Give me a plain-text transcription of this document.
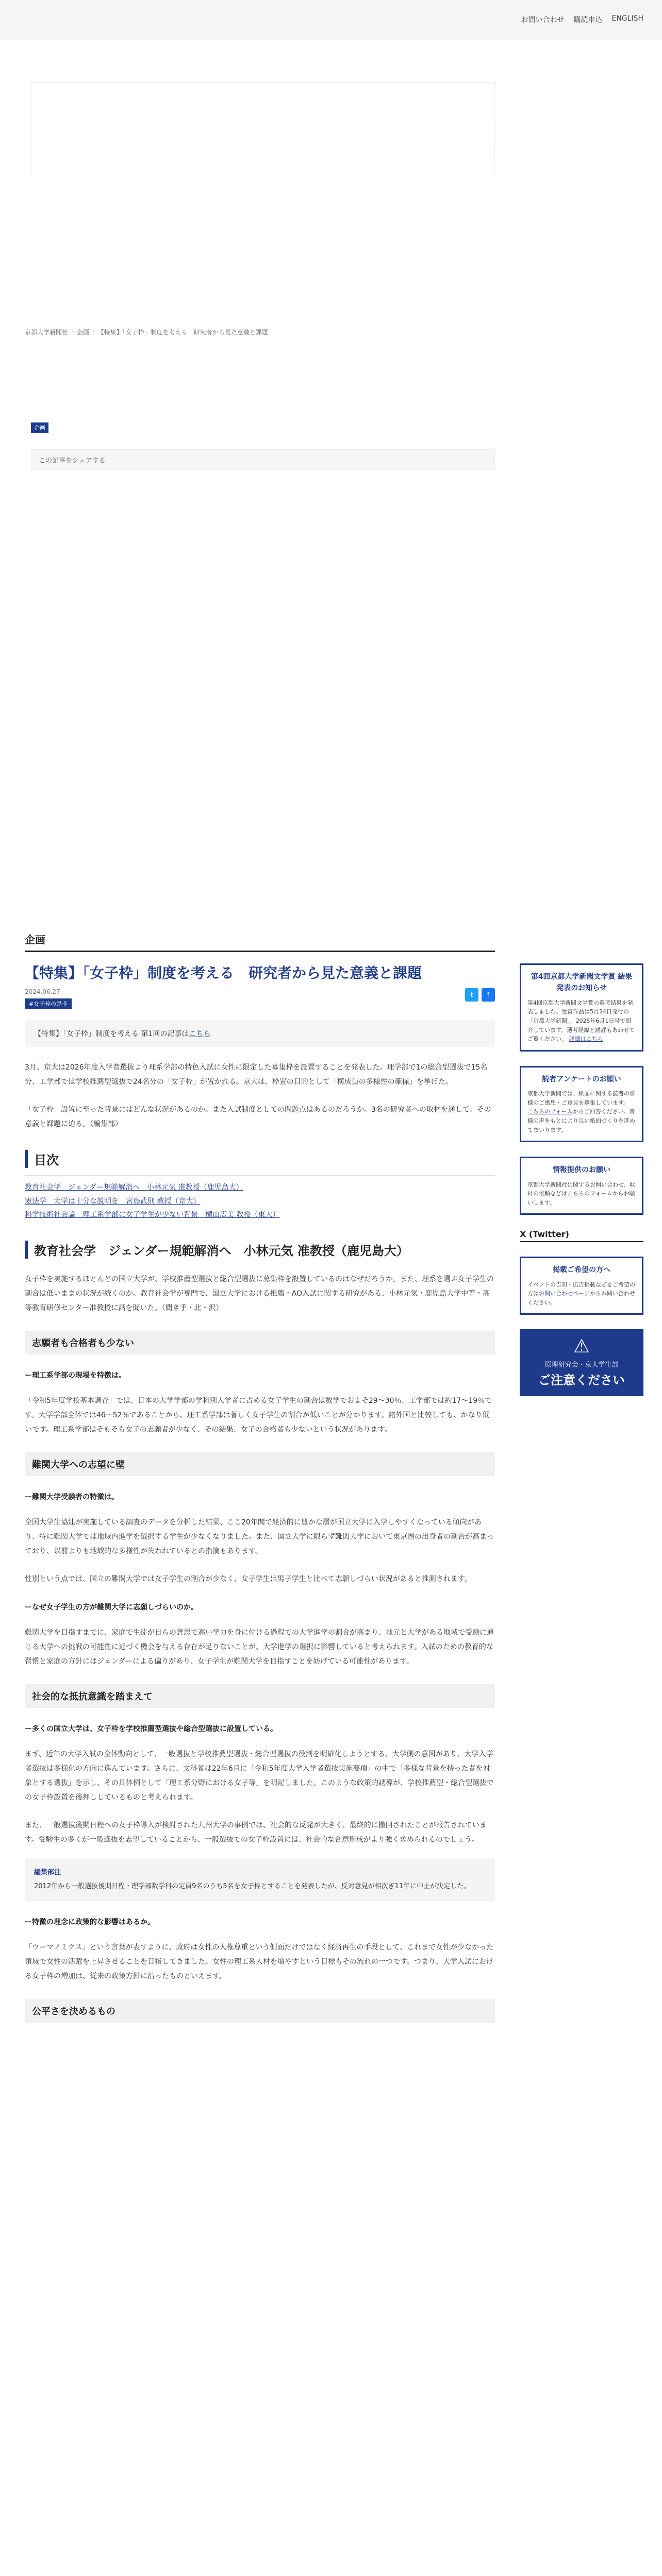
お問い合わせ 購読申込 ENGLISH
京都大学新聞社 › 企画 › 【特集】「女子枠」制度を考える　研究者から見た意義と課題
企画
この記事をシェアする
企画
【特集】「女子枠」制度を考える　研究者から見た意義と課題
2024.06.27
#女子枠の是非
t	f
【特集】「女子枠」制度を考える 第1回の記事はこちら

3月、京大は2026年度入学者選抜より理系学部の特色入試に女性に限定した募集枠を設置することを発表した。理学部で1の総合型選抜で15名分、工学部では学校推薦型選抜で24名分の「女子枠」が置かれる。京大は、枠置の目的として「構成員の多様性の確保」を挙げた。

「女子枠」設置に至った背景にはどんな状況があるのか。また入試制度としての問題点はあるのだろうか。3名の研究者への取材を通して、その意義と課題に迫る。（編集部）

目次
教育社会学　ジェンダー規範解消へ　小林元気 准教授（鹿児島大）
憲法学　大学は十分な説明を　宮島武則 教授（京大）
科学技術社会論　理工系学部に女子学生が少ない背景　横山広美 教授（東大）
教育社会学　ジェンダー規範解消へ　小林元気 准教授（鹿児島大）

女子枠を実施するほとんどの国立大学が、学校推薦型選抜と総合型選抜に募集枠を設置しているのはなぜだろうか。また、理系を選ぶ女子学生の割合は低いままの状況が続くのか。教育社会学が専門で、国立大学における推薦・AO入試に関する研究がある、小林元気・鹿児島大学中等・高等教育研修センター准教授に話を聞いた。（聞き手・北・沢）

志願者も合格者も少ない
ー理工系学部の現場を特徴は。

「令和5年度学校基本調査」では、日本の大学学部の学科別入学者に占める女子学生の割合は数学でおよそ29～30％、工学部では約17～19％です。大学学部全体では46～52％であることから、理工系学部は著しく女子学生の割合が低いことが分かります。諸外国と比較しても、かなり低いです。理工系学部はそもそも女子の志願者が少なく、その結果、女子の合格者も少ないという状況があります。

難関大学への志望に壁
ー難関大学受験者の特徴は。

全国大学生協連が実施している調査のデータを分析した結果、ここ20年間で経済的に豊かな層が国立大学に入学しやすくなっている傾向があり、特に難関大学では地域内進学を選択する学生が少なくなりました。また、国立大学に限らず難関大学において東京圏の出身者の割合が高まっており、以前よりも地域的な多様性が失われているとの指摘もあります。

性別という点では、国立の難関大学では女子学生の割合が少なく、女子学生は男子学生と比べて志願しづらい状況があると推測されます。

ーなぜ女子学生の方が難関大学に志願しづらいのか。

難関大学を目指すまでに、家庭で生徒が自らの意思で高い学力を身に付ける過程での大学進学の割合が高まり、地元と大学がある地域で受験に通じる大学への挑戦の可能性に近づく機会を与える存在が足りないことが、大学進学の選択に影響していると考えられます。入試のための教育的な習慣と家庭の方針にはジェンダーによる偏りがあり、女子学生が難関大学を目指すことを妨げている可能性があります。

社会的な抵抗意識を踏まえて
ー多くの国立大学は、女子枠を学校推薦型選抜や総合型選抜に設置している。

まず、近年の大学入試の全体動向として、一般選抜と学校推薦型選抜・総合型選抜の役割を明確化しようとする、大学側の意図があり、大学入学者選抜は多様化の方向に進んでいます。さらに、文科省は22年6月に「令和5年度大学入学者選抜実施要項」の中で「多様な背景を持った者を対象とする選抜」を示し、その具体例として「理工系分野における女子等」を明記しました。このような政策的誘導が、学校推薦型・総合型選抜での女子枠設置を後押ししているものと考えられます。

また、一般選抜後期日程への女子枠導入が検討された九州大学の事例では、社会的な反発が大きく、最終的に撤回されたことが報告されています。受験生の多くが一般選抜を志望していることから、一般選抜での女子枠設置には、社会的な合意形成がより強く求められるのでしょう。

編集部注
2012年から一般選抜後期日程・理学部数学科の定員9名のうち5名を女子枠とすることを発表したが、反対意見が相次ぎ11年に中止が決定した。
ー特徴の理念に政策的な影響はあるか。

「ウーマノミクス」という言葉が表すように、政府は女性の人権尊重という側面だけではなく経済再生の手段として、これまで女性が少なかった領域で女性の活躍を上昇させることを目指してきました。女性の理工系人材を増やすという目標もその流れの一つです。つまり、大学入試における女子枠の増加は、従来の政策方針に沿ったものといえます。

公平さを決めるもの
第4回京都大学新聞文学賞 結果発表のお知らせ
第4回京都大学新聞文学賞の選考結果を発表しました。受賞作品は5月24日発行の「京都大学新聞」、2025年6月1日号で紹介しています。選考経緯と講評もあわせてご覧ください。 詳細はこちら
読者アンケートのお願い
京都大学新聞では、紙面に関する読者の皆様のご感想・ご意見を募集しています。 こちらのフォームからご回答ください。皆様の声をもとにより良い紙面づくりを進めてまいります。
情報提供のお願い
京都大学新聞社に関するお問い合わせ、取材の依頼などはこちらのフォームからお願いします。
X (Twitter)
掲載ご希望の方へ
イベントの告知・広告掲載などをご希望の方はお問い合わせページからお問い合わせください。
⚠
原理研究会・京大学生部
ご注意ください
